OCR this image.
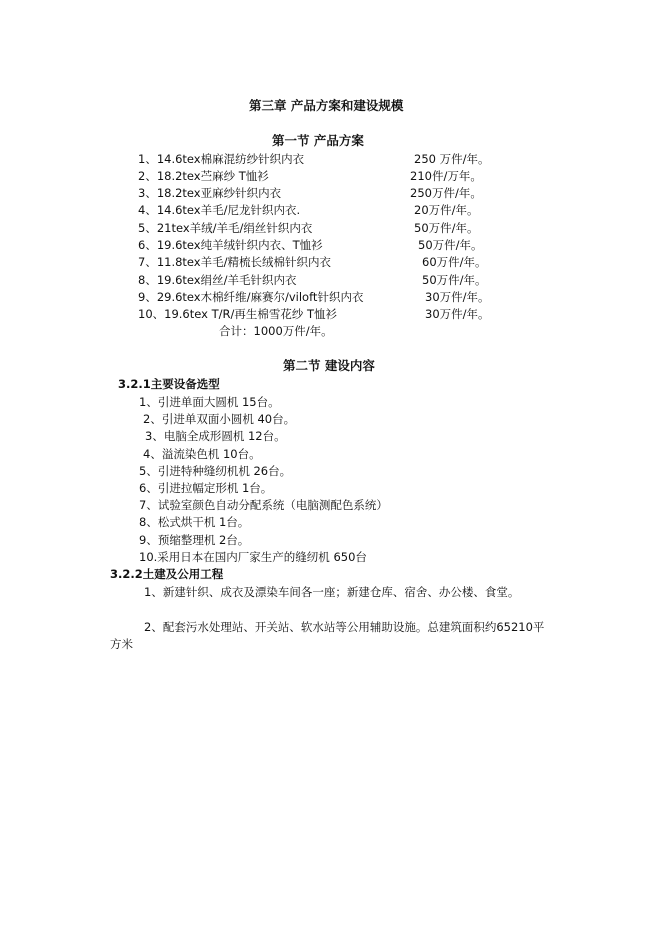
第三章 产品方案和建设规模
第一节 产品方案
1、14.6tex棉麻混纺纱针织内衣	250 万件/年。
2、18.2tex苎麻纱 T恤衫	210件/万年。
3、18.2tex亚麻纱针织内衣	250万件/年。
4、14.6tex羊毛/尼龙针织内衣.	20万件/年。
5、21tex羊绒/羊毛/绢丝针织内衣	50万件/年。
6、19.6tex纯羊绒针织内衣、T恤衫	50万件/年。
7、11.8tex羊毛/精梳长绒棉针织内衣	60万件/年。
8、19.6tex绢丝/羊毛针织内衣	50万件/年。
9、29.6tex木棉纤维/麻赛尔/viloft针织内衣	30万件/年。
10、19.6tex T/R/再生棉雪花纱 T恤衫	30万件/年。
合计：1000万件/年。
第二节 建设内容
3.2.1主要设备选型
1、引进单面大圆机 15台。
2、引进单双面小圆机 40台。
3、电脑全成形圆机 12台。
4、溢流染色机 10台。
5、引进特种缝纫机机 26台。
6、引进拉幅定形机 1台。
7、试验室颜色自动分配系统（电脑测配色系统）
8、松式烘干机 1台。
9、预缩整理机 2台。
10.采用日本在国内厂家生产的缝纫机 650台
3.2.2土建及公用工程
1、新建针织、成衣及漂染车间各一座；新建仓库、宿舍、办公楼、食堂。
2、配套污水处理站、开关站、软水站等公用辅助设施。总建筑面积约65210平方米
